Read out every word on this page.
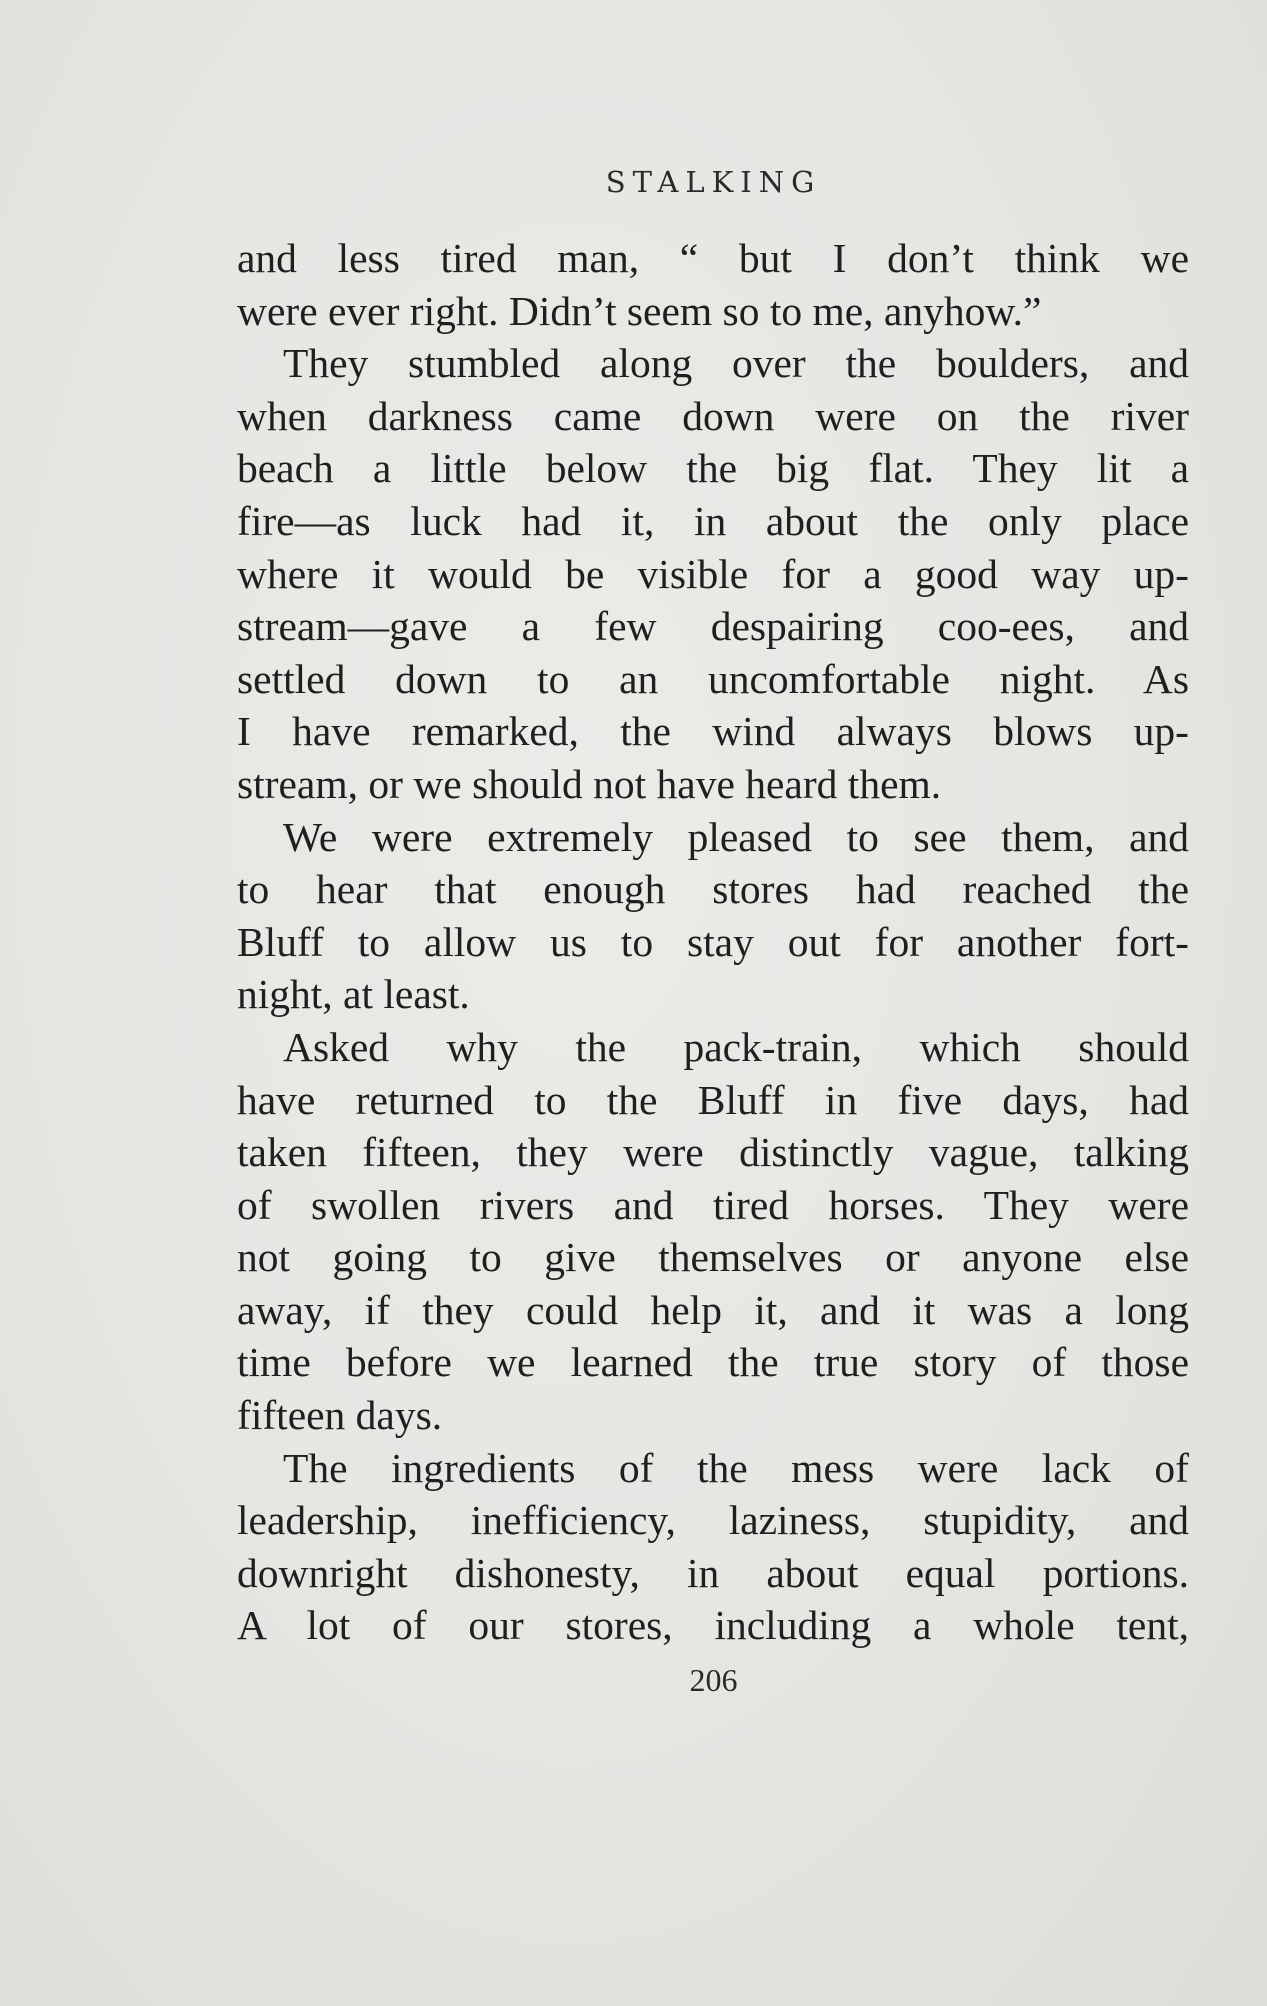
STALKING
and less tired man, “ but I don’t think we
were ever right. Didn’t seem so to me, anyhow.”
They stumbled along over the boulders, and
when darkness came down were on the river
beach a little below the big flat. They lit a
fire—as luck had it, in about the only place
where it would be visible for a good way up-
stream—gave a few despairing coo-ees, and
settled down to an uncomfortable night. As
I have remarked, the wind always blows up-
stream, or we should not have heard them.
We were extremely pleased to see them, and
to hear that enough stores had reached the
Bluff to allow us to stay out for another fort-
night, at least.
Asked why the pack-train, which should
have returned to the Bluff in five days, had
taken fifteen, they were distinctly vague, talking
of swollen rivers and tired horses. They were
not going to give themselves or anyone else
away, if they could help it, and it was a long
time before we learned the true story of those
fifteen days.
The ingredients of the mess were lack of
leadership, inefficiency, laziness, stupidity, and
downright dishonesty, in about equal portions.
A lot of our stores, including a whole tent,
206
